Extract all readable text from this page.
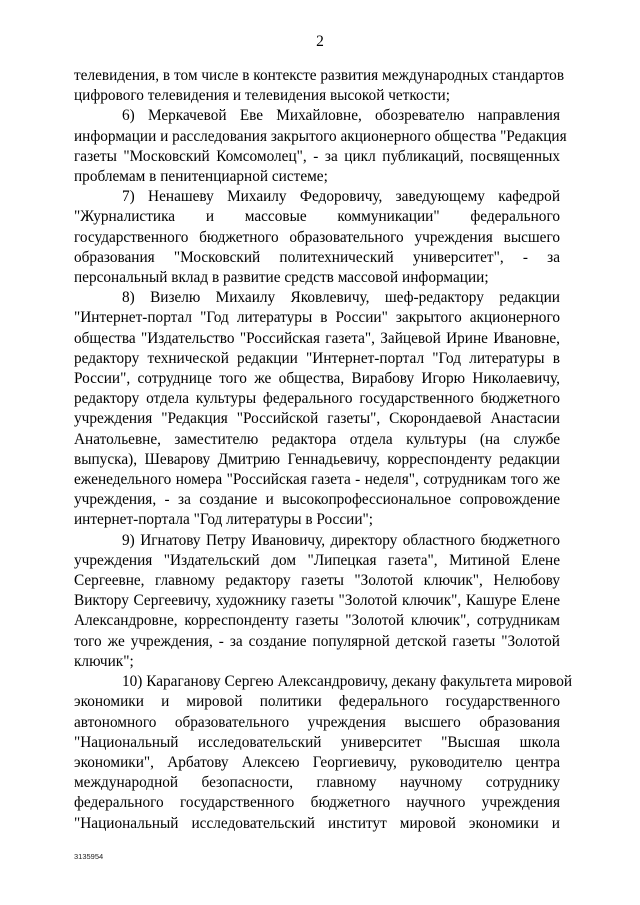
2

телевидения, в том числе в контексте развития международных стандартов
цифрового телевидения и телевидения высокой четкости;

6) Меркачевой Еве Михайловне, обозревателю направления
информации и расследования закрытого акционерного общества "Редакция
газеты "Московский Комсомолец", - за цикл публикаций, посвященных
проблемам в пенитенциарной системе;

7) Ненашеву Михаилу Федоровичу, заведующему кафедрой
"Журналистика и массовые коммуникации" федерального
государственного бюджетного образовательного учреждения высшего
образования "Московский политехнический университет", - за
персональный вклад в развитие средств массовой информации;

8) Визелю Михаилу Яковлевичу, шеф-редактору редакции
"Интернет-портал "Год литературы в России" закрытого акционерного
общества "Издательство "Российская газета", Зайцевой Ирине Ивановне,
редактору технической редакции "Интернет-портал "Год литературы в
России", сотруднице того же общества, Вирабову Игорю Николаевичу,
редактору отдела культуры федерального государственного бюджетного
учреждения "Редакция "Российской газеты", Скорондаевой Анастасии
Анатольевне, заместителю редактора отдела культуры (на службе
выпуска), Шеварову Дмитрию Геннадьевичу, корреспонденту редакции
еженедельного номера "Российская газета - неделя", сотрудникам того же
учреждения, - за создание и высокопрофессиональное сопровождение
интернет-портала "Год литературы в России";

9) Игнатову Петру Ивановичу, директору областного бюджетного
учреждения "Издательский дом "Липецкая газета", Митиной Елене
Сергеевне, главному редактору газеты "Золотой ключик", Нелюбову
Виктору Сергеевичу, художнику газеты "Золотой ключик", Кашуре Елене
Александровне, корреспонденту газеты "Золотой ключик", сотрудникам
того же учреждения, - за создание популярной детской газеты "Золотой
ключик";

10) Караганову Сергею Александровичу, декану факультета мировой
экономики и мировой политики федерального государственного
автономного образовательного учреждения высшего образования
"Национальный исследовательский университет "Высшая школа
экономики", Арбатову Алексею Георгиевичу, руководителю центра
международной безопасности, главному научному сотруднику
федерального государственного бюджетного научного учреждения
"Национальный исследовательский институт мировой экономики и

3135954
